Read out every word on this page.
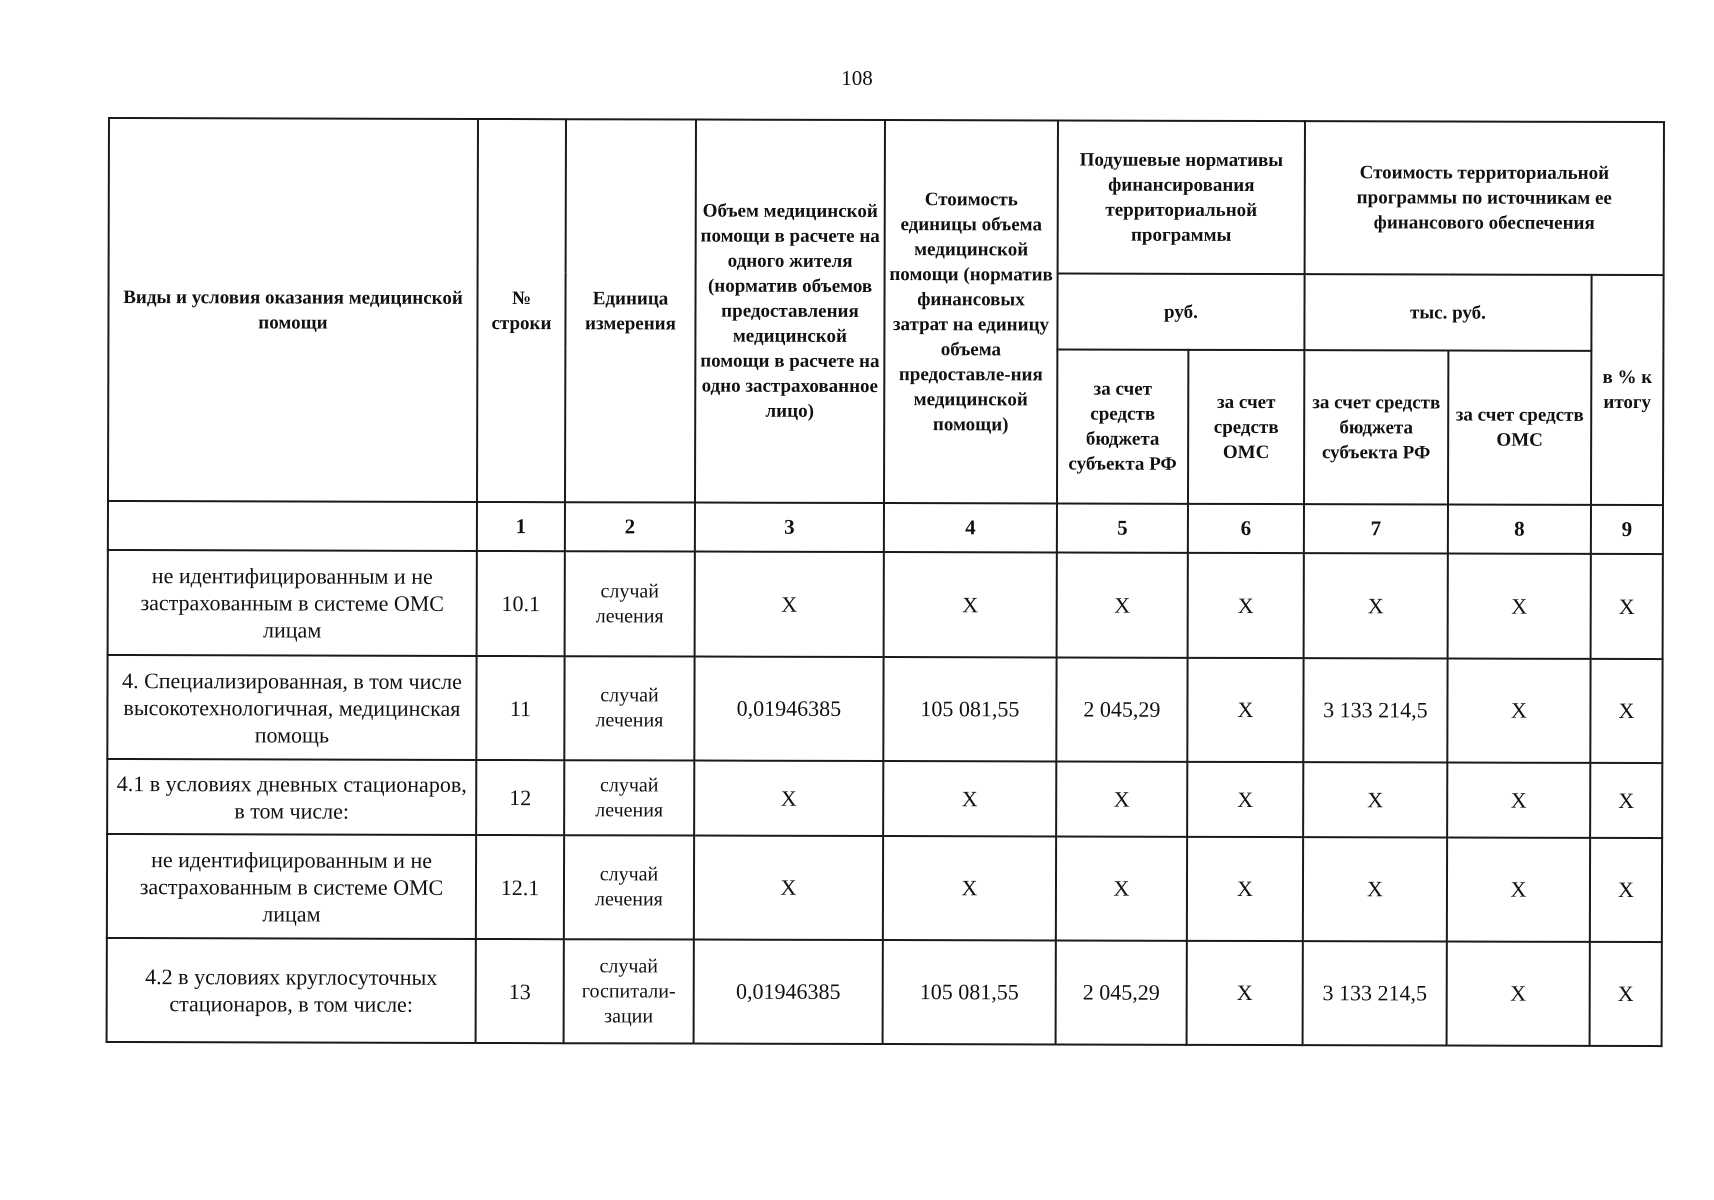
108
Виды и условия оказания медицинской помощи	№ строки	Единица измерения	Объем медицинской помощи в расчете на одного жителя (норматив объемов предоставления медицинской помощи в расчете на одно застрахованное лицо)	Стоимость единицы объема медицинской помощи (норматив финансовых затрат на единицу объема предоставле-ния медицинской помощи)	Подушевые нормативы финансирования территориальной программы		Стоимость территориальной программы по источникам ее финансового обеспечения		
					руб.		тыс. руб.		в % к итогу
					за счет средств бюджета субъекта РФ	за счет средств ОМС	за счет средств бюджета субъекта РФ	за счет средств ОМС	
	1	2	3	4	5	6	7	8	9
не идентифицированным и не застрахованным в системе ОМС лицам	10.1	случай лечения	X	X	X	X	X	X	X
4. Специализированная, в том числе высокотехнологичная, медицинская помощь	11	случай лечения	0,01946385	105 081,55	2 045,29	X	3 133 214,5	X	X
4.1 в условиях дневных стационаров, в том числе:	12	случай лечения	X	X	X	X	X	X	X
не идентифицированным и не застрахованным в системе ОМС лицам	12.1	случай лечения	X	X	X	X	X	X	X
4.2 в условиях круглосуточных стационаров, в том числе:	13	случай госпитали-зации	0,01946385	105 081,55	2 045,29	X	3 133 214,5	X	X
